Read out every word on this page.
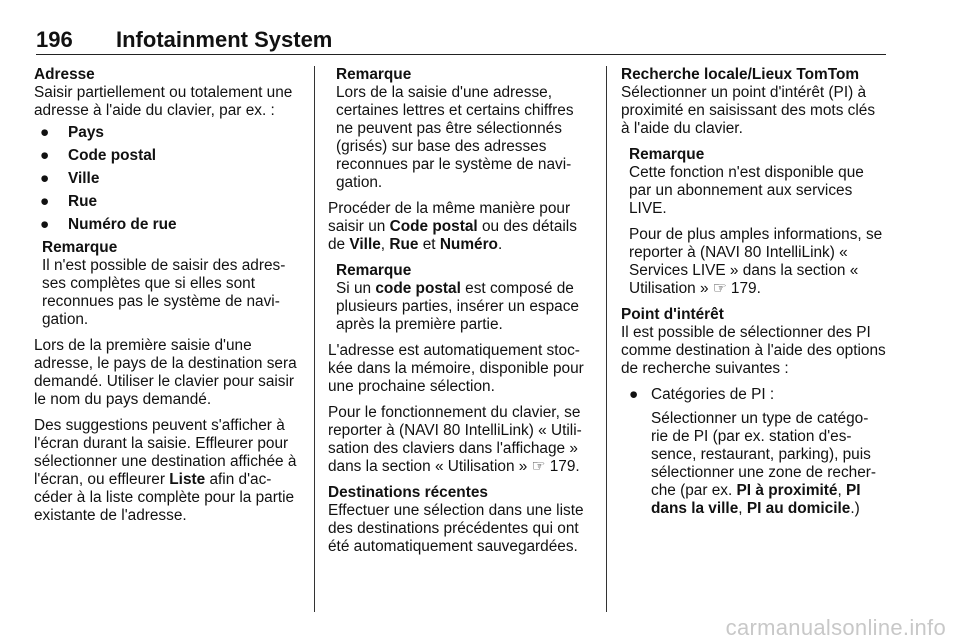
196 Infotainment System
Adresse
Saisir partiellement ou totalement une adresse à l'aide du clavier, par ex. :
● Pays
● Code postal
● Ville
● Rue
● Numéro de rue
Remarque
Il n'est possible de saisir des adres‑ ses complètes que si elles sont reconnues pas le système de navi‑ gation.
Lors de la première saisie d'une adresse, le pays de la destination sera demandé. Utiliser le clavier pour saisir le nom du pays demandé.
Des suggestions peuvent s'afficher à l'écran durant la saisie. Effleurer pour sélectionner une destination affichée à l'écran, ou effleurer Liste afin d'ac‑ céder à la liste complète pour la partie existante de l'adresse.
Remarque
Lors de la saisie d'une adresse, certaines lettres et certains chiffres ne peuvent pas être sélectionnés (grisés) sur base des adresses reconnues par le système de navi‑ gation.
Procéder de la même manière pour saisir un Code postal ou des détails de Ville, Rue et Numéro.
Remarque
Si un code postal est composé de plusieurs parties, insérer un espace après la première partie.
L'adresse est automatiquement stoc‑ kée dans la mémoire, disponible pour une prochaine sélection.
Pour le fonctionnement du clavier, se reporter à (NAVI 80 IntelliLink) « Utili‑ sation des claviers dans l'affichage » dans la section « Utilisation » ☞ 179.
Destinations récentes
Effectuer une sélection dans une liste des destinations précédentes qui ont été automatiquement sauvegardées.
Recherche locale/Lieux TomTom
Sélectionner un point d'intérêt (PI) à proximité en saisissant des mots clés à l'aide du clavier.
Remarque
Cette fonction n'est disponible que par un abonnement aux services LIVE.
Pour de plus amples informations, se reporter à (NAVI 80 IntelliLink) « Services LIVE » dans la section « Utilisation » ☞ 179.
Point d'intérêt
Il est possible de sélectionner des PI comme destination à l'aide des options de recherche suivantes :
● Catégories de PI :
Sélectionner un type de catégo‑ rie de PI (par ex. station d'es‑ sence, restaurant, parking), puis sélectionner une zone de recher‑ che (par ex. PI à proximité, PI dans la ville, PI au domicile.)
carmanualsonline.info
